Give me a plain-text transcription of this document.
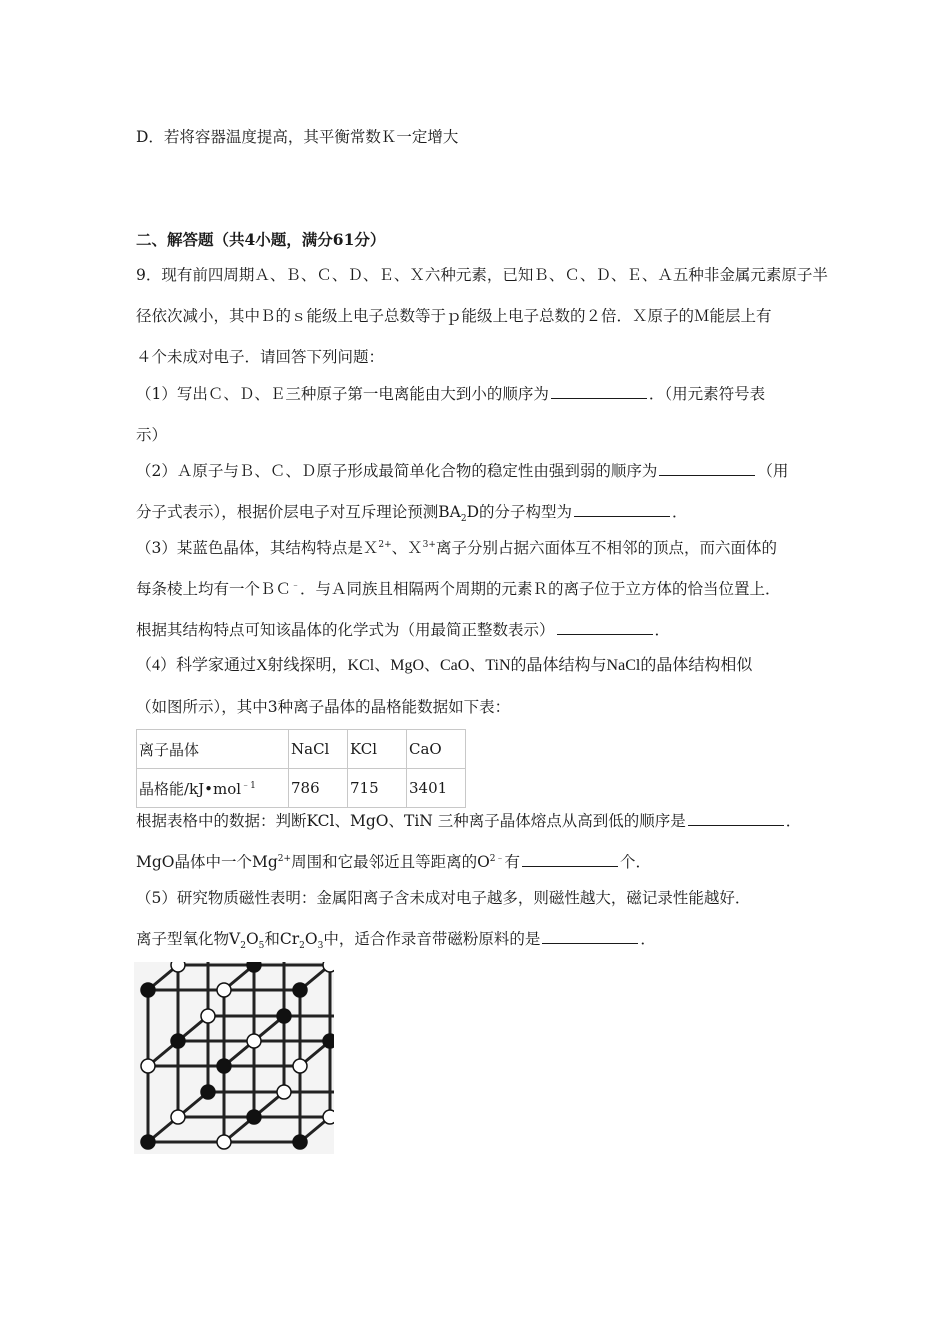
D．若将容器温度提高，其平衡常数Ｋ一定增大
二、解答题（共4小题，满分61分）
9．现有前四周期Ａ、Ｂ、Ｃ、Ｄ、Ｅ、Ｘ六种元素，已知Ｂ、Ｃ、Ｄ、Ｅ、Ａ五种非金属元素原子半
径依次减小，其中Ｂ的ｓ能级上电子总数等于ｐ能级上电子总数的２倍．Ｘ原子的Ｍ能层上有
４个未成对电子．请回答下列问题：
（1）写出Ｃ、Ｄ、Ｅ三种原子第一电离能由大到小的顺序为	．（用元素符号表
示）
（2）Ａ原子与Ｂ、Ｃ、Ｄ原子形成最简单化合物的稳定性由强到弱的顺序为	（用
分子式表示），根据价层电子对互斥理论预测$BA_2D$的分子构型为	．
（3）某蓝色晶体，其结构特点是Ｘ$^{2+}$、Ｘ$^{3+}$离子分别占据六面体互不相邻的顶点，而六面体的
每条棱上均有一个ＢＣ﹣．与Ａ同族且相隔两个周期的元素Ｒ的离子位于立方体的恰当位置上．
根据其结构特点可知该晶体的化学式为（用最简正整数表示）	．
（4）科学家通过X射线探明，KCl、MgO、CaO、TiN的晶体结构与NaCl的晶体结构相似
（如图所示），其中3种离子晶体的晶格能数据如下表：
离子晶体	NaCl	KCl	CaO
晶格能/kJ•mol$^{﹣1}$	786	715	3401
根据表格中的数据：判断KCl、MgO、TiN 三种离子晶体熔点从高到低的顺序是	．
MgO晶体中一个$Mg^{2+}$周围和它最邻近且等距离的$O^{2﹣}$有	个．
（5）研究物质磁性表明：金属阳离子含未成对电子越多，则磁性越大，磁记录性能越好．
离子型氧化物$V_2O_5$和$Cr_2O_3$中，适合作录音带磁粉原料的是	．
